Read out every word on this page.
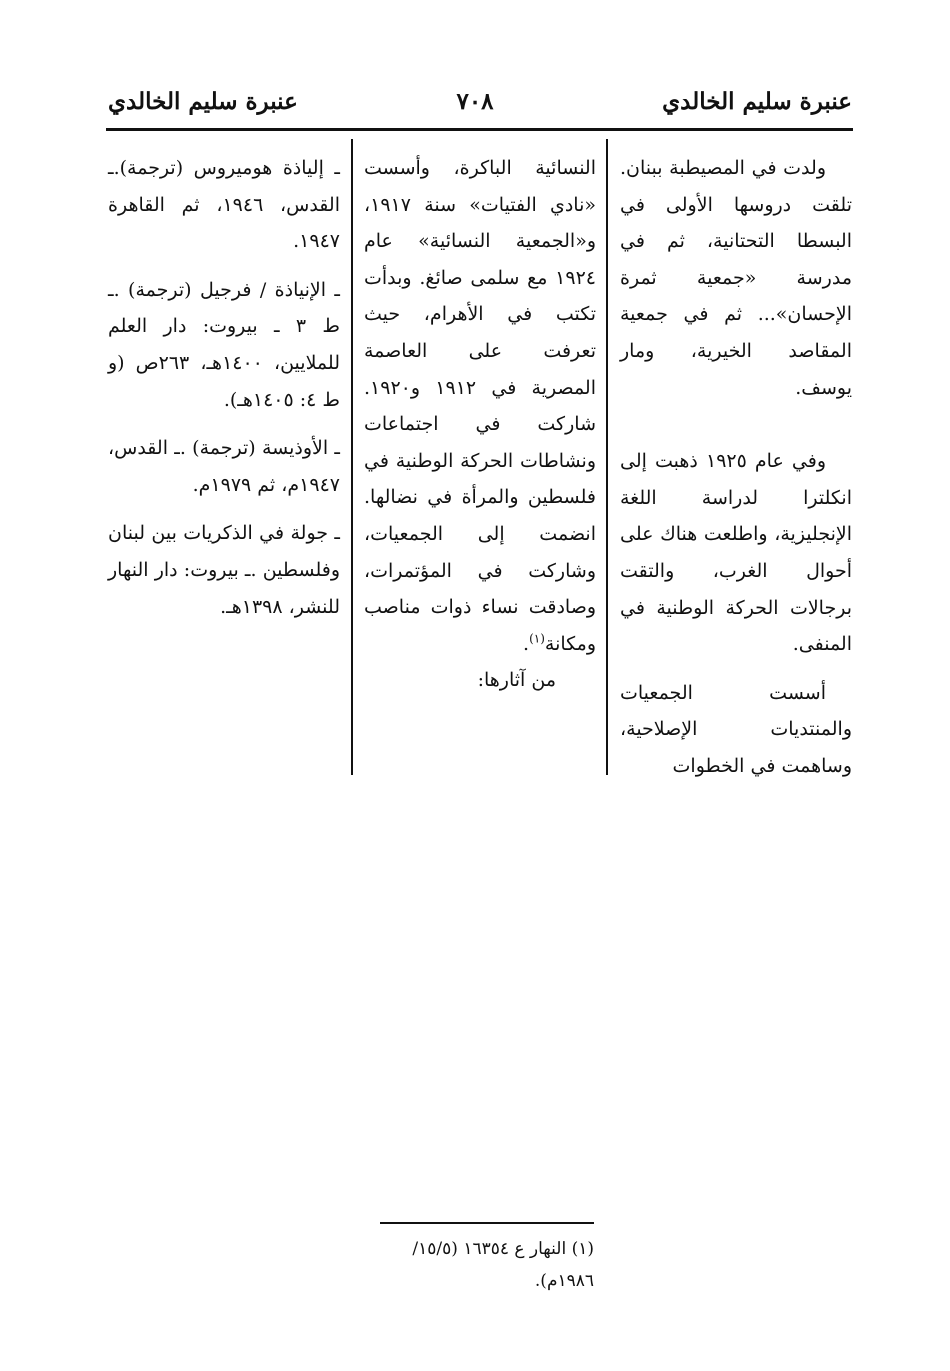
عنبرة سليم الخالدي
٧٠٨
عنبرة سليم الخالدي

ولدت في المصيطبة ببنان. تلقت دروسها الأولى في البسطا التحتانية، ثم في مدرسة «جمعية ثمرة الإحسان»... ثم في جمعية المقاصد الخيرية، ومار يوسف.

وفي عام ١٩٢٥ ذهبت إلى انكلترا لدراسة اللغة الإنجليزية، واطلعت هناك على أحوال الغرب، والتقت برجالات الحركة الوطنية في المنفى.

أسست الجمعيات والمنتديات الإصلاحية، وساهمت في الخطوات

النسائية الباكرة، وأسست «نادي الفتيات» سنة ١٩١٧، و«الجمعية النسائية» عام ١٩٢٤ مع سلمى صائغ. وبدأت تكتب في الأهرام، حيث تعرفت على العاصمة المصرية في ١٩١٢ و١٩٢٠. شاركت في اجتماعات ونشاطات الحركة الوطنية في فلسطين والمرأة في نضالها. انضمت إلى الجمعيات، وشاركت في المؤتمرات، وصادقت نساء ذوات مناصب ومكانة$^{(١)}$.

من آثارها:

ـ إلياذة هوميروس (ترجمة).ـ القدس، ١٩٤٦، ثم القاهرة ١٩٤٧.

ـ الإنياذة / فرجيل (ترجمة) .ـ ط ٣ ـ بيروت: دار العلم للملايين، ١٤٠٠هـ، ٢٦٣ص (و ط ٤: ١٤٠٥هـ).

ـ الأوذيسة (ترجمة) .ـ القدس، ١٩٤٧م، ثم ١٩٧٩م.

ـ جولة في الذكريات بين لبنان وفلسطين .ـ بيروت: دار النهار للنشر، ١٣٩٨هـ.

(١) النهار ع ١٦٣٥٤ (١٥/٥/ ١٩٨٦م).
